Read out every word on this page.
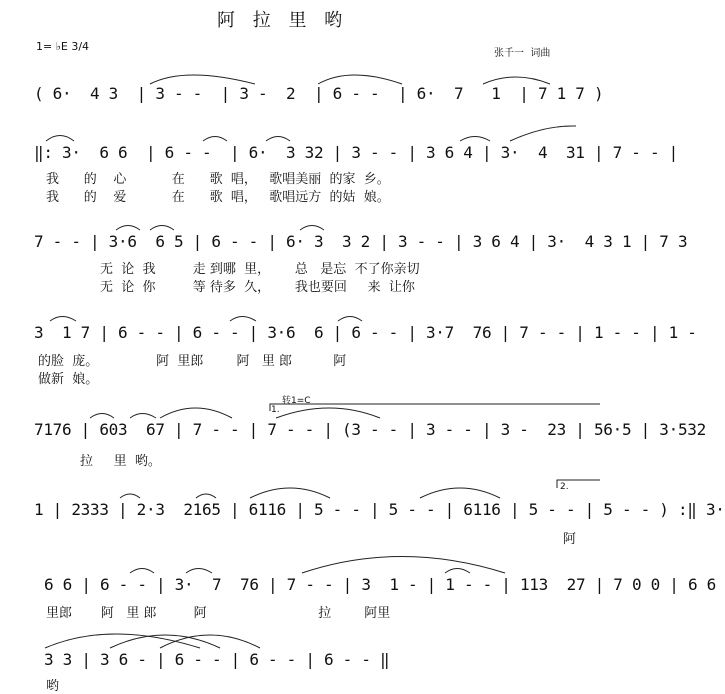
阿 拉 里 哟
1= ♭E 3/4
张千一  词曲
( 6·  4 3  | 3 - -  | 3 -  2  | 6 - -  | 6·  7   1  | 7 1 7 )
‖: 3·  6 6  | 6 - -  | 6·  3 32 | 3 - - | 3 6 4 | 3·  4  31 | 7 - - |
我      的    心           在      歌  唱，   歌唱美丽  的家  乡。
我      的    爱           在      歌  唱，   歌唱远方  的姑  娘。
7 - - | 3·6  6 5 | 6 - - | 6· 3  3 2 | 3 - - | 3 6 4 | 3·  4 3 1 | 7 3
无  论  我         走 到哪  里，      总   是忘  不了你亲切
无  论  你         等 待多  久，      我也要回     来  让你
3  1 7 | 6 - - | 6 - - | 3·6  6 | 6 - - | 3·7  76 | 7 - - | 1 - - | 1 -
的脸  庞。              阿  里郎        阿   里 郎          阿
做新  娘。
转1=C
1.
7176 | 603  67 | 7 - - | 7 - - | (3 - - | 3 - - | 3 -  23 | 56·5 | 3·532
拉     里  哟。
2.
1 | 2333 | 2·3  2165 | 6116 | 5 - - | 5 - - | 6116 | 5 - - | 5 - - ) :‖ 3·
阿
6 6 | 6 - - | 3·  7  76 | 7 - - | 3  1 - | 1 - - | 113  27 | 7 0 0 | 6 6
里郎       阿   里 郎         阿                           拉        阿里
3 3 | 3 6 - | 6 - - | 6 - - | 6 - - ‖
哟
